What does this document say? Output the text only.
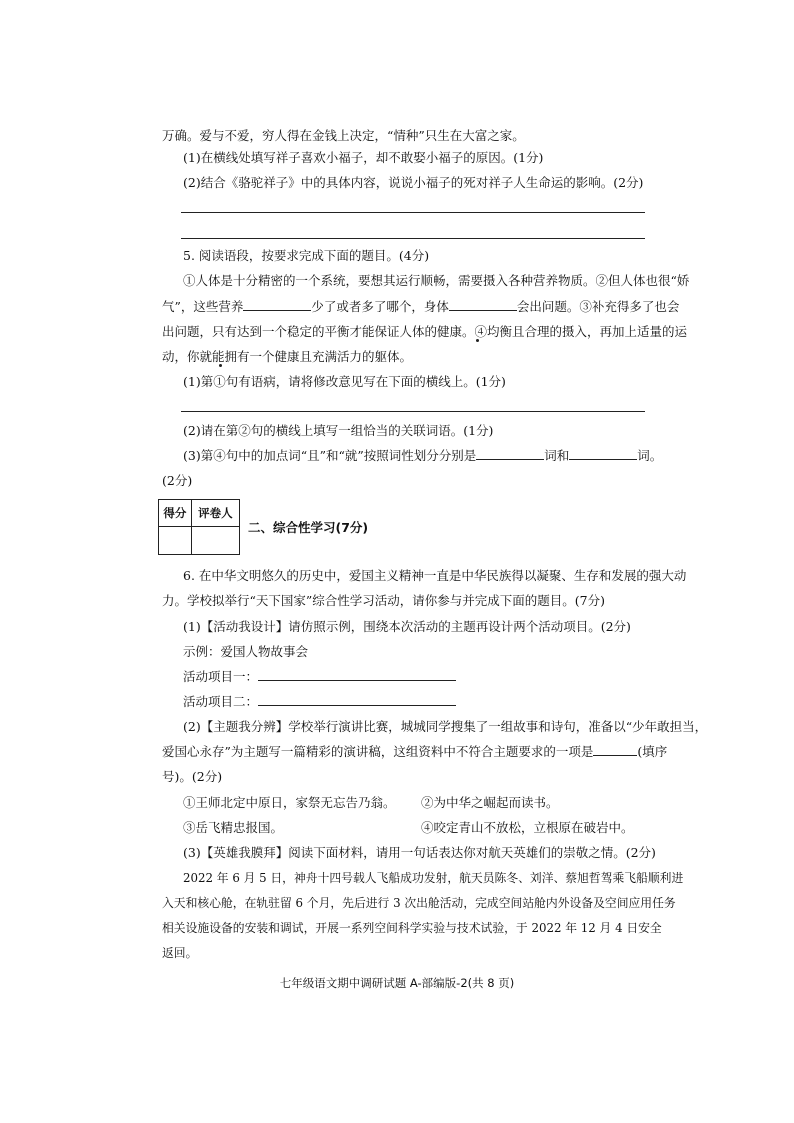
万确。爱与不爱，穷人得在金钱上决定，“情种”只生在大富之家。
(1)在横线处填写祥子喜欢小福子，却不敢娶小福子的原因。(1分)
(2)结合《骆驼祥子》中的具体内容，说说小福子的死对祥子人生命运的影响。(2分)
5. 阅读语段，按要求完成下面的题目。(4分)
①人体是十分精密的一个系统，要想其运行顺畅，需要摄入各种营养物质。②但人体也很“娇
气”，这些营养	少了或者多了哪个，身体	会出问题。③补充得多了也会
出问题，只有达到一个稳定的平衡才能保证人体的健康。④均衡且合理的摄入，再加上适量的运
动，你就能拥有一个健康且充满活力的躯体。
(1)第①句有语病，请将修改意见写在下面的横线上。(1分)
(2)请在第②句的横线上填写一组恰当的关联词语。(1分)
(3)第④句中的加点词“且”和“就”按照词性划分分别是	词和	词。
(2分)
得分	评卷人

二、综合性学习(7分)
6. 在中华文明悠久的历史中，爱国主义精神一直是中华民族得以凝聚、生存和发展的强大动
力。学校拟举行“天下国家”综合性学习活动，请你参与并完成下面的题目。(7分)
(1)【活动我设计】请仿照示例，围绕本次活动的主题再设计两个活动项目。(2分)
示例：爱国人物故事会
活动项目一：
活动项目二：
(2)【主题我分辨】学校举行演讲比赛，城城同学搜集了一组故事和诗句，准备以“少年敢担当，
爱国心永存”为主题写一篇精彩的演讲稿，这组资料中不符合主题要求的一项是	(填序
号)。(2分)
①王师北定中原日，家祭无忘告乃翁。 ②为中华之崛起而读书。
③岳飞精忠报国。	④咬定青山不放松，立根原在破岩中。
(3)【英雄我膜拜】阅读下面材料，请用一句话表达你对航天英雄们的崇敬之情。(2分)
2022 年 6 月 5 日，神舟十四号载人飞船成功发射，航天员陈冬、刘洋、蔡旭哲驾乘飞船顺利进
入天和核心舱，在轨驻留 6 个月，先后进行 3 次出舱活动，完成空间站舱内外设备及空间应用任务
相关设施设备的安装和调试，开展一系列空间科学实验与技术试验，于 2022 年 12 月 4 日安全
返回。
七年级语文期中调研试题 A-部编版-2(共 8 页)
